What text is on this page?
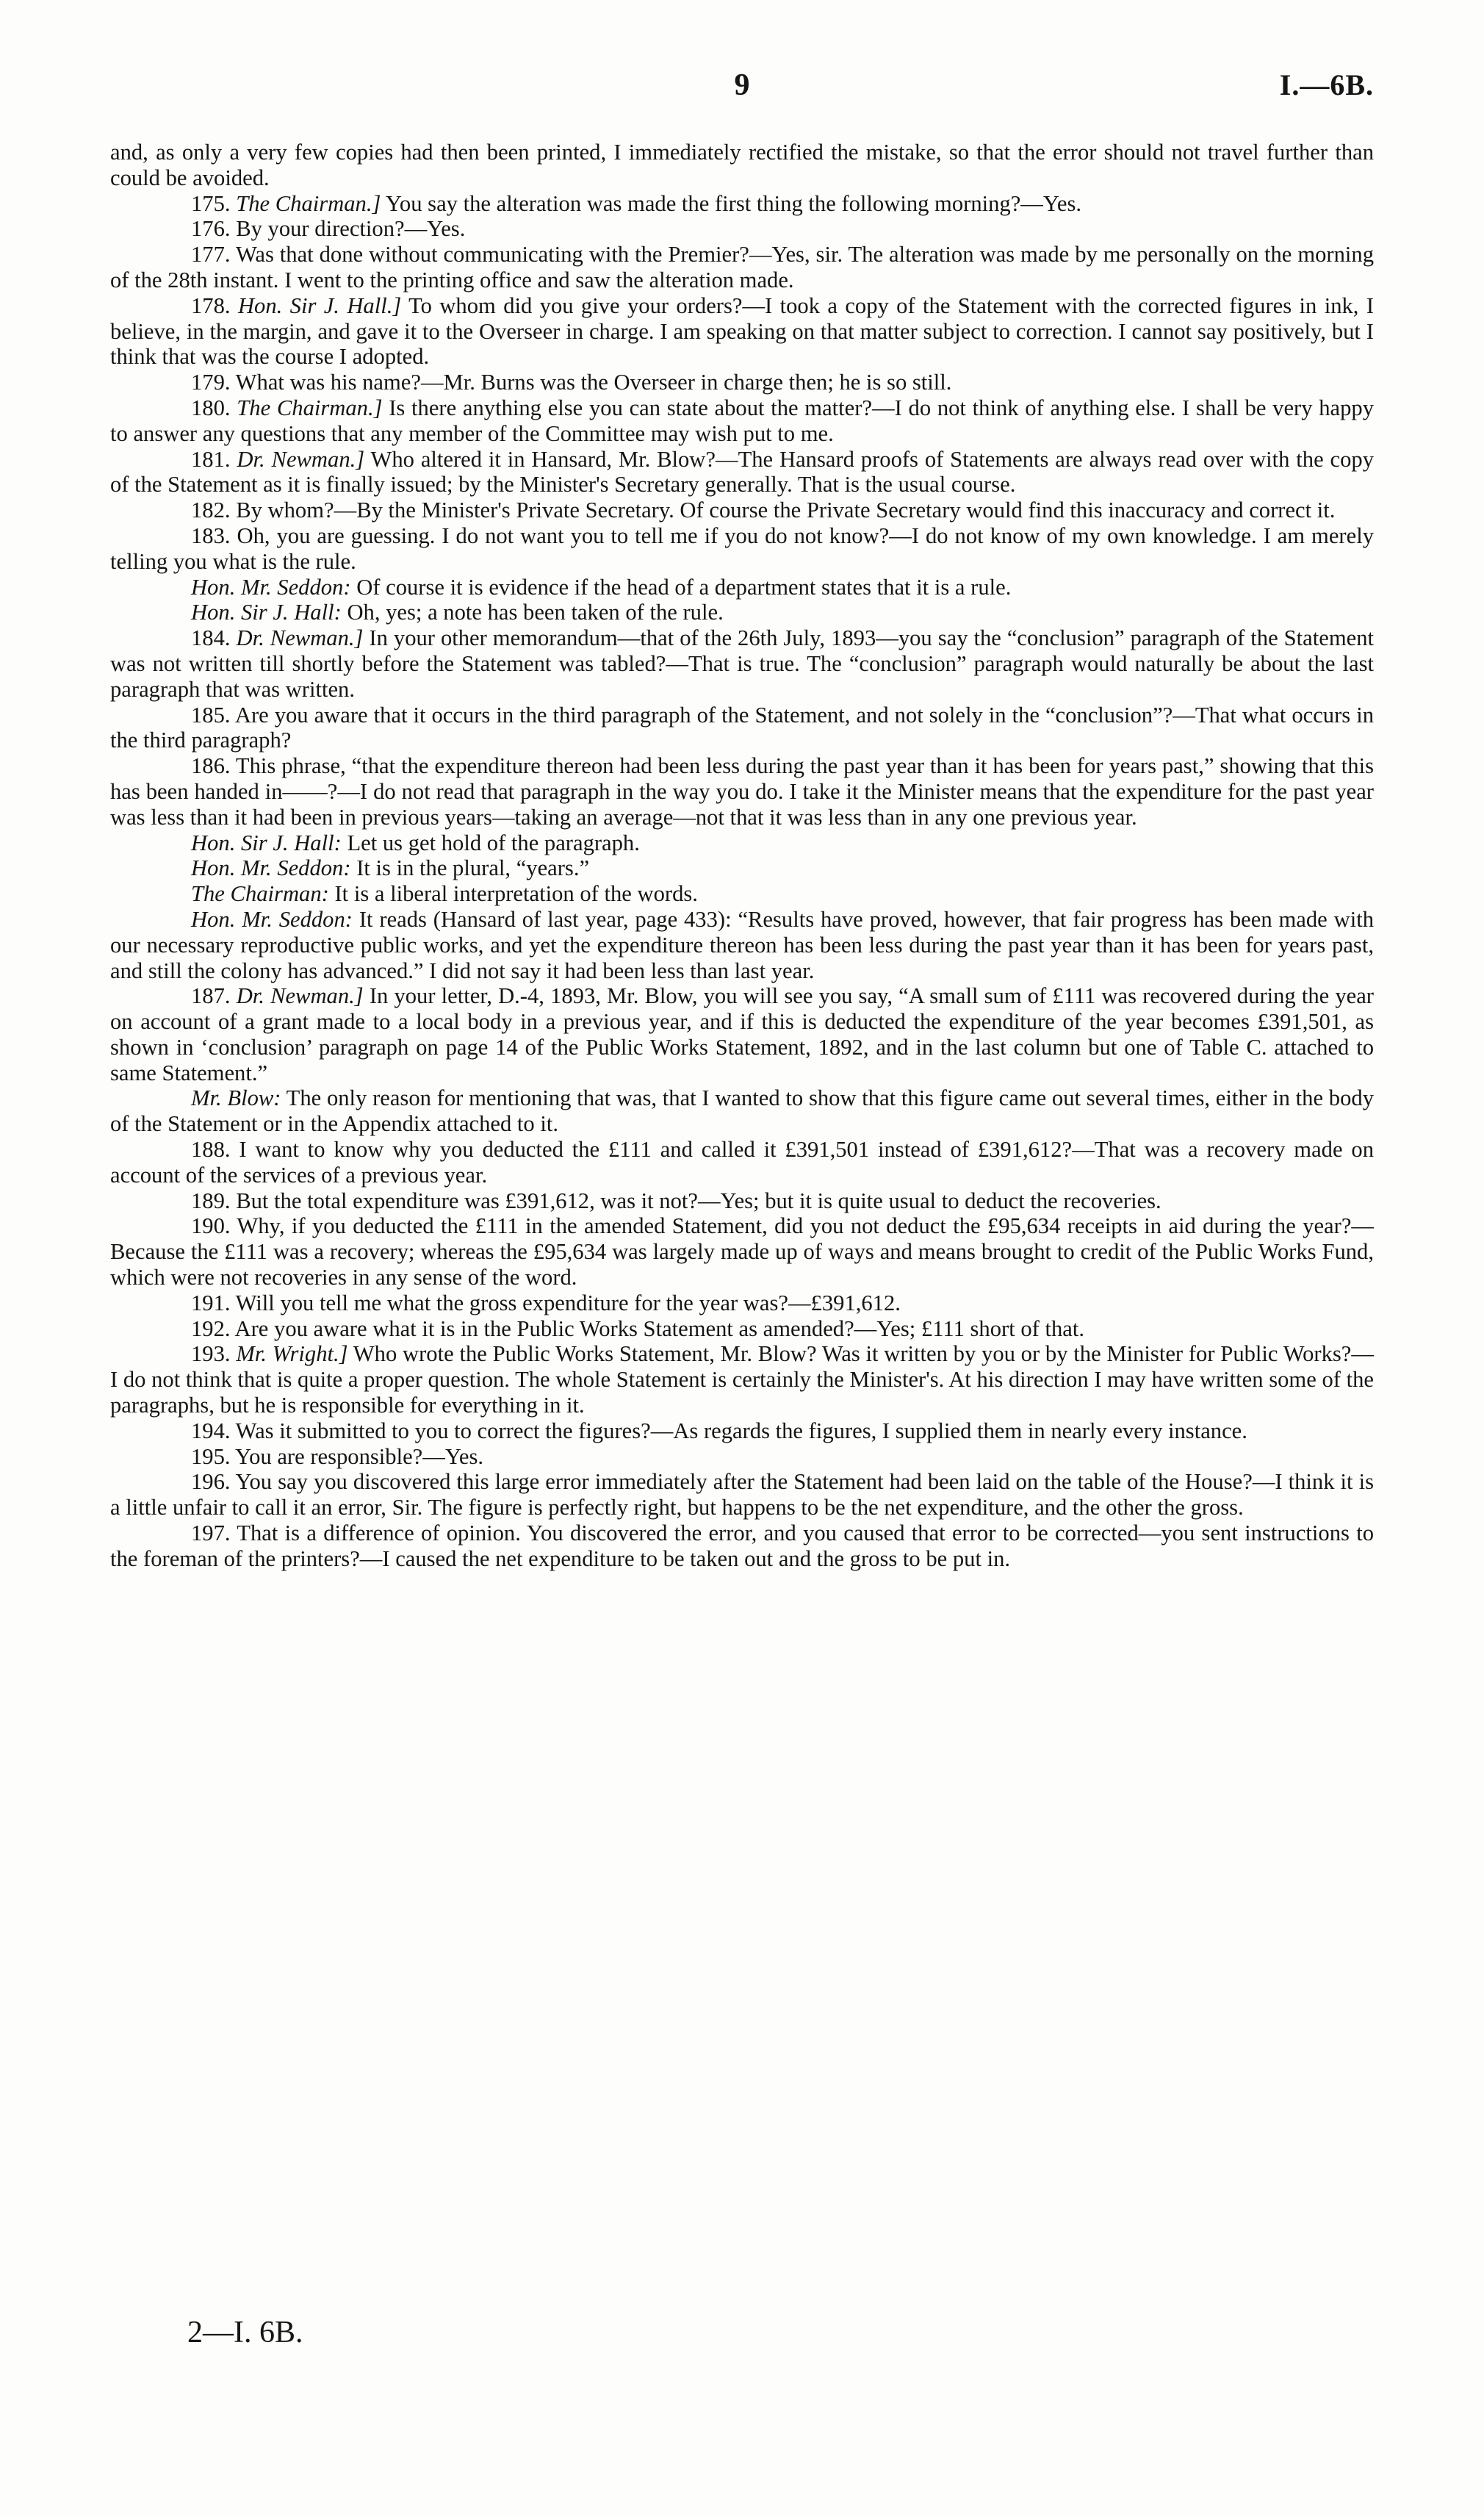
9	I.—6B.

and, as only a very few copies had then been printed, I immediately rectified the mistake, so that the error should not travel further than could be avoided.

175. The Chairman.] You say the alteration was made the first thing the following morning?—Yes.

176. By your direction?—Yes.

177. Was that done without communicating with the Premier?—Yes, sir. The alteration was made by me personally on the morning of the 28th instant. I went to the printing office and saw the alteration made.

178. Hon. Sir J. Hall.] To whom did you give your orders?—I took a copy of the Statement with the corrected figures in ink, I believe, in the margin, and gave it to the Overseer in charge. I am speaking on that matter subject to correction. I cannot say positively, but I think that was the course I adopted.

179. What was his name?—Mr. Burns was the Overseer in charge then; he is so still.

180. The Chairman.] Is there anything else you can state about the matter?—I do not think of anything else. I shall be very happy to answer any questions that any member of the Committee may wish put to me.

181. Dr. Newman.] Who altered it in Hansard, Mr. Blow?—The Hansard proofs of Statements are always read over with the copy of the Statement as it is finally issued; by the Minister's Secretary generally. That is the usual course.

182. By whom?—By the Minister's Private Secretary. Of course the Private Secretary would find this inaccuracy and correct it.

183. Oh, you are guessing. I do not want you to tell me if you do not know?—I do not know of my own knowledge. I am merely telling you what is the rule.

Hon. Mr. Seddon: Of course it is evidence if the head of a department states that it is a rule.

Hon. Sir J. Hall: Oh, yes; a note has been taken of the rule.

184. Dr. Newman.] In your other memorandum—that of the 26th July, 1893—you say the “conclusion” paragraph of the Statement was not written till shortly before the Statement was tabled?—That is true. The “conclusion” paragraph would naturally be about the last paragraph that was written.

185. Are you aware that it occurs in the third paragraph of the Statement, and not solely in the “conclusion”?—That what occurs in the third paragraph?

186. This phrase, “that the expenditure thereon had been less during the past year than it has been for years past,” showing that this has been handed in——?—I do not read that paragraph in the way you do. I take it the Minister means that the expenditure for the past year was less than it had been in previous years—taking an average—not that it was less than in any one previous year.

Hon. Sir J. Hall: Let us get hold of the paragraph.

Hon. Mr. Seddon: It is in the plural, “years.”

The Chairman: It is a liberal interpretation of the words.

Hon. Mr. Seddon: It reads (Hansard of last year, page 433): “Results have proved, however, that fair progress has been made with our necessary reproductive public works, and yet the expenditure thereon has been less during the past year than it has been for years past, and still the colony has advanced.” I did not say it had been less than last year.

187. Dr. Newman.] In your letter, D.-4, 1893, Mr. Blow, you will see you say, “A small sum of £111 was recovered during the year on account of a grant made to a local body in a previous year, and if this is deducted the expenditure of the year becomes £391,501, as shown in ‘conclusion’ paragraph on page 14 of the Public Works Statement, 1892, and in the last column but one of Table C. attached to same Statement.”

Mr. Blow: The only reason for mentioning that was, that I wanted to show that this figure came out several times, either in the body of the Statement or in the Appendix attached to it.

188. I want to know why you deducted the £111 and called it £391,501 instead of £391,612?—That was a recovery made on account of the services of a previous year.

189. But the total expenditure was £391,612, was it not?—Yes; but it is quite usual to deduct the recoveries.

190. Why, if you deducted the £111 in the amended Statement, did you not deduct the £95,634 receipts in aid during the year?—Because the £111 was a recovery; whereas the £95,634 was largely made up of ways and means brought to credit of the Public Works Fund, which were not recoveries in any sense of the word.

191. Will you tell me what the gross expenditure for the year was?—£391,612.

192. Are you aware what it is in the Public Works Statement as amended?—Yes; £111 short of that.

193. Mr. Wright.] Who wrote the Public Works Statement, Mr. Blow? Was it written by you or by the Minister for Public Works?—I do not think that is quite a proper question. The whole Statement is certainly the Minister's. At his direction I may have written some of the paragraphs, but he is responsible for everything in it.

194. Was it submitted to you to correct the figures?—As regards the figures, I supplied them in nearly every instance.

195. You are responsible?—Yes.

196. You say you discovered this large error immediately after the Statement had been laid on the table of the House?—I think it is a little unfair to call it an error, Sir. The figure is perfectly right, but happens to be the net expenditure, and the other the gross.

197. That is a difference of opinion. You discovered the error, and you caused that error to be corrected—you sent instructions to the foreman of the printers?—I caused the net expenditure to be taken out and the gross to be put in.

2—I. 6B.
